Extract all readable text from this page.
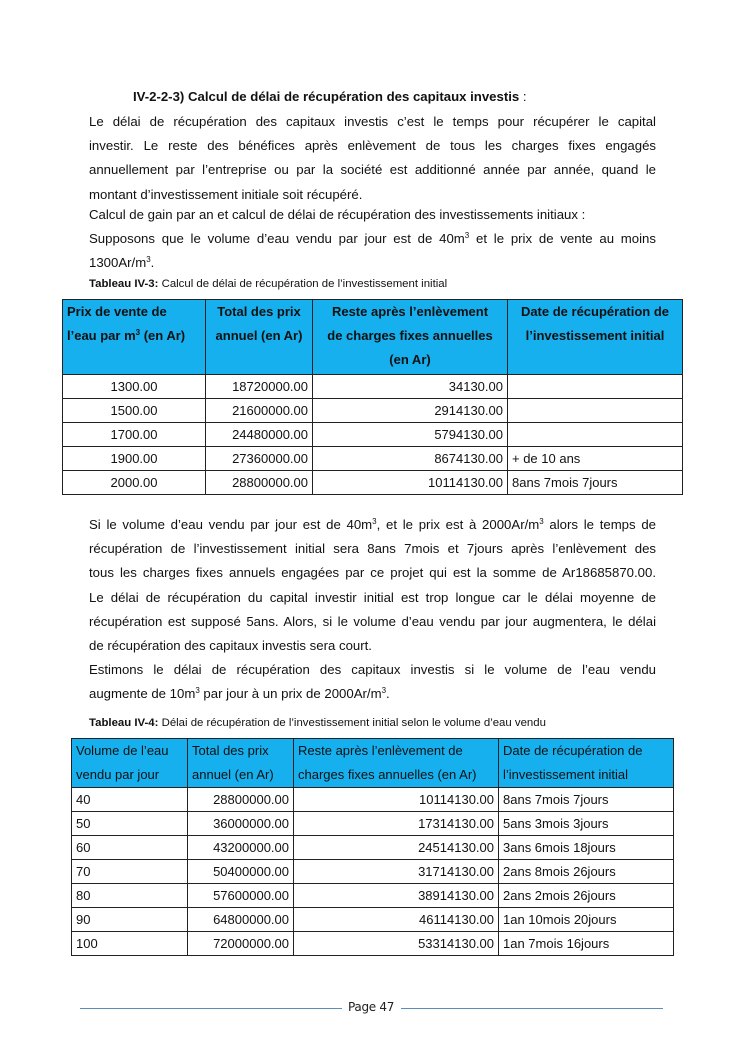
IV-2-2-3) Calcul de délai de récupération des capitaux investis :
Le délai de récupération des capitaux investis c’est le temps pour récupérer le capital
investir. Le reste des bénéfices après enlèvement de tous les charges fixes engagés
annuellement par l’entreprise ou par la société est additionné année par année, quand le
montant d’investissement initiale soit récupéré.
Calcul de gain par an et calcul de délai de récupération des investissements initiaux :
Supposons que le volume d’eau vendu par jour est de $40m^3$ et le prix de vente au moins
$1300Ar/m^3$.
Tableau IV-3: Calcul de délai de récupération de l’investissement initial
Prix de vente de
l’eau par $m^3$ (en Ar)	Total des prix
annuel (en Ar)	Reste après l’enlèvement
de charges fixes annuelles
(en Ar)	Date de récupération de
l’investissement initial
1300.00	18720000.00	34130.00	
1500.00	21600000.00	2914130.00	
1700.00	24480000.00	5794130.00	
1900.00	27360000.00	8674130.00	+ de 10 ans
2000.00	28800000.00	10114130.00	8ans 7mois 7jours
Si le volume d’eau vendu par jour est de $40m^3$, et le prix est à $2000Ar/m^3$ alors le temps de
récupération de l’investissement initial sera 8ans 7mois et 7jours après l’enlèvement des
tous les charges fixes annuels engagées par ce projet qui est la somme de Ar18685870.00.
Le délai de récupération du capital investir initial est trop longue car le délai moyenne de
récupération est supposé 5ans. Alors, si le volume d’eau vendu par jour augmentera, le délai
de récupération des capitaux investis sera court.
Estimons le délai de récupération des capitaux investis si le volume de l’eau vendu
augmente de $10m^3$ par jour à un prix de $2000Ar/m^3$.
Tableau IV-4: Délai de récupération de l’investissement initial selon le volume d’eau vendu
Volume de l’eau
vendu par jour	Total des prix
annuel (en Ar)	Reste après l’enlèvement de
charges fixes annuelles (en Ar)	Date de récupération de
l’investissement initial
40	28800000.00	10114130.00	8ans 7mois 7jours
50	36000000.00	17314130.00	5ans 3mois 3jours
60	43200000.00	24514130.00	3ans 6mois 18jours
70	50400000.00	31714130.00	2ans 8mois 26jours
80	57600000.00	38914130.00	2ans 2mois 26jours
90	64800000.00	46114130.00	1an 10mois 20jours
100	72000000.00	53314130.00	1an 7mois 16jours
Page 47
